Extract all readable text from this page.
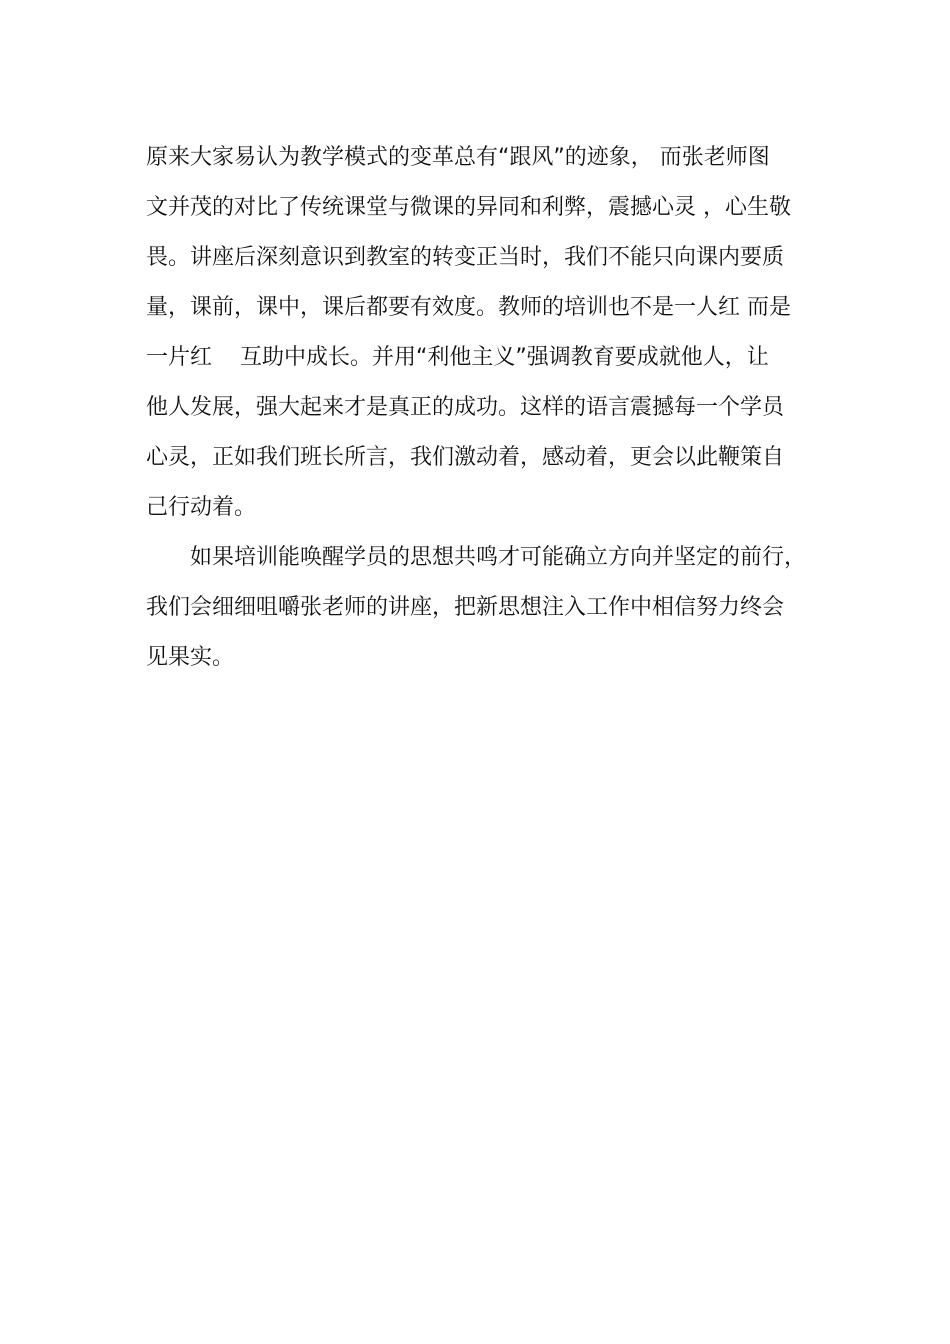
原来大家易认为教学模式的变革总有“跟风”的迹象， 而张老师图
文并茂的对比了传统课堂与微课的异同和利弊，震撼心灵 ，心生敬
畏。讲座后深刻意识到教室的转变正当时，我们不能只向课内要质
量，课前，课中，课后都要有效度。教师的培训也不是一人红 而是
一片红    互助中成长。并用“利他主义”强调教育要成就他人，让
他人发展，强大起来才是真正的成功。这样的语言震撼每一个学员
心灵，正如我们班长所言，我们激动着，感动着，更会以此鞭策自
己行动着。
如果培训能唤醒学员的思想共鸣才可能确立方向并坚定的前行，
我们会细细咀嚼张老师的讲座，把新思想注入工作中相信努力终会
见果实。
